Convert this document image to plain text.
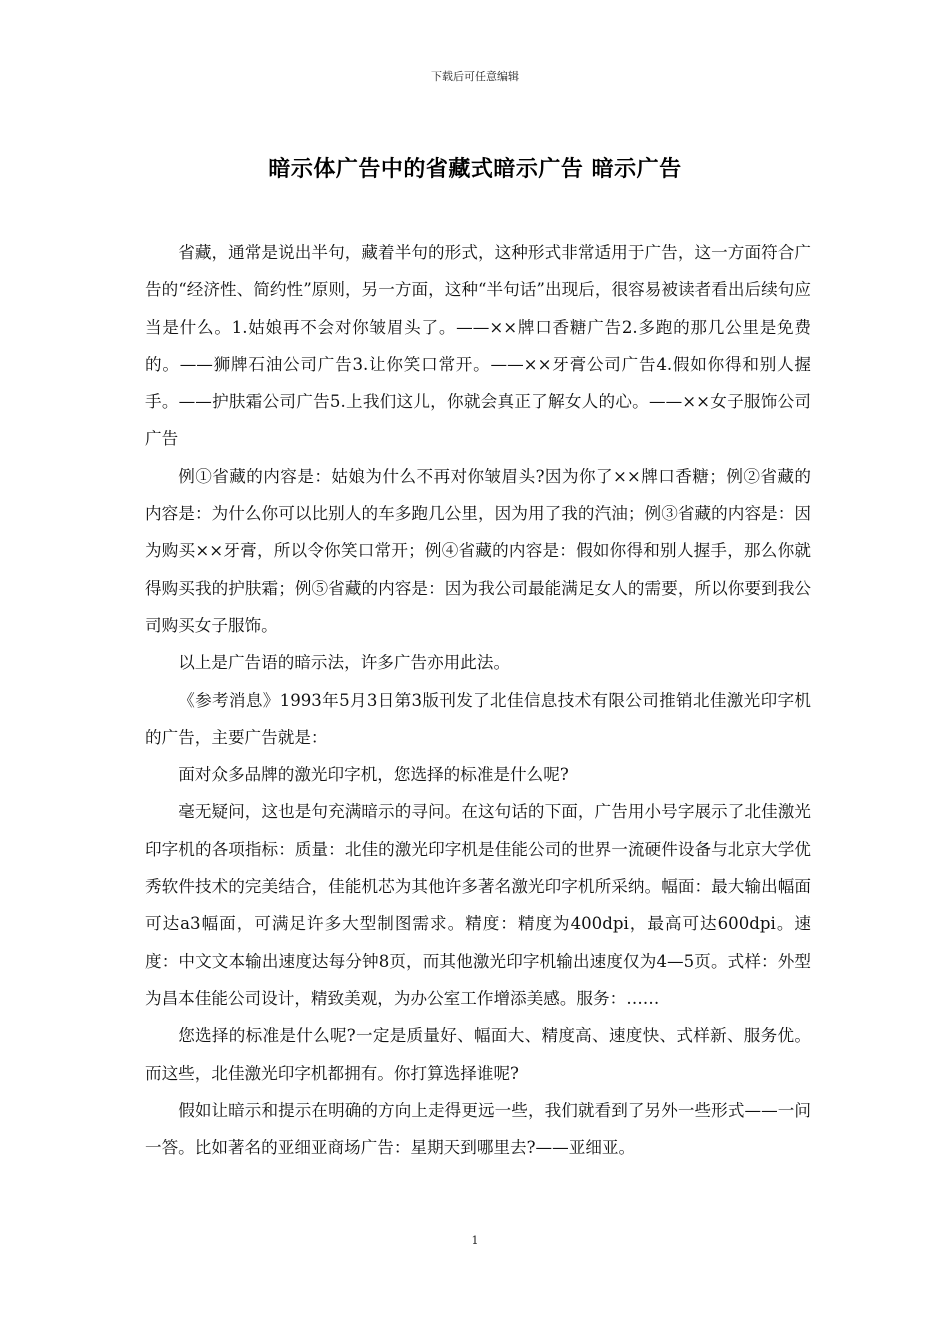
下载后可任意编辑
暗示体广告中的省藏式暗示广告 暗示广告

省藏，通常是说出半句，藏着半句的形式，这种形式非常适用于广告，这一方面符合广告的“经济性、简约性”原则，另一方面，这种“半句话”出现后，很容易被读者看出后续句应当是什么。1.姑娘再不会对你皱眉头了。——××牌口香糖广告2.多跑的那几公里是免费的。——狮牌石油公司广告3.让你笑口常开。——××牙膏公司广告4.假如你得和别人握手。——护肤霜公司广告5.上我们这儿，你就会真正了解女人的心。——××女子服饰公司广告

例①省藏的内容是：姑娘为什么不再对你皱眉头?因为你了××牌口香糖；例②省藏的内容是：为什么你可以比别人的车多跑几公里，因为用了我的汽油；例③省藏的内容是：因为购买××牙膏，所以令你笑口常开；例④省藏的内容是：假如你得和别人握手，那么你就得购买我的护肤霜；例⑤省藏的内容是：因为我公司最能满足女人的需要，所以你要到我公司购买女子服饰。

以上是广告语的暗示法，许多广告亦用此法。

《参考消息》1993年5月3日第3版刊发了北佳信息技术有限公司推销北佳激光印字机的广告，主要广告就是：

面对众多品牌的激光印字机，您选择的标准是什么呢?

毫无疑问，这也是句充满暗示的寻问。在这句话的下面，广告用小号字展示了北佳激光印字机的各项指标：质量：北佳的激光印字机是佳能公司的世界一流硬件设备与北京大学优秀软件技术的完美结合，佳能机芯为其他许多著名激光印字机所采纳。幅面：最大输出幅面可达a3幅面，可满足许多大型制图需求。精度：精度为400dpi，最高可达600dpi。速度：中文文本输出速度达每分钟8页，而其他激光印字机输出速度仅为4—5页。式样：外型为昌本佳能公司设计，精致美观，为办公室工作增添美感。服务：……

您选择的标准是什么呢?一定是质量好、幅面大、精度高、速度快、式样新、服务优。而这些，北佳激光印字机都拥有。你打算选择谁呢?

假如让暗示和提示在明确的方向上走得更远一些，我们就看到了另外一些形式——一问一答。比如著名的亚细亚商场广告：星期天到哪里去?——亚细亚。

1
